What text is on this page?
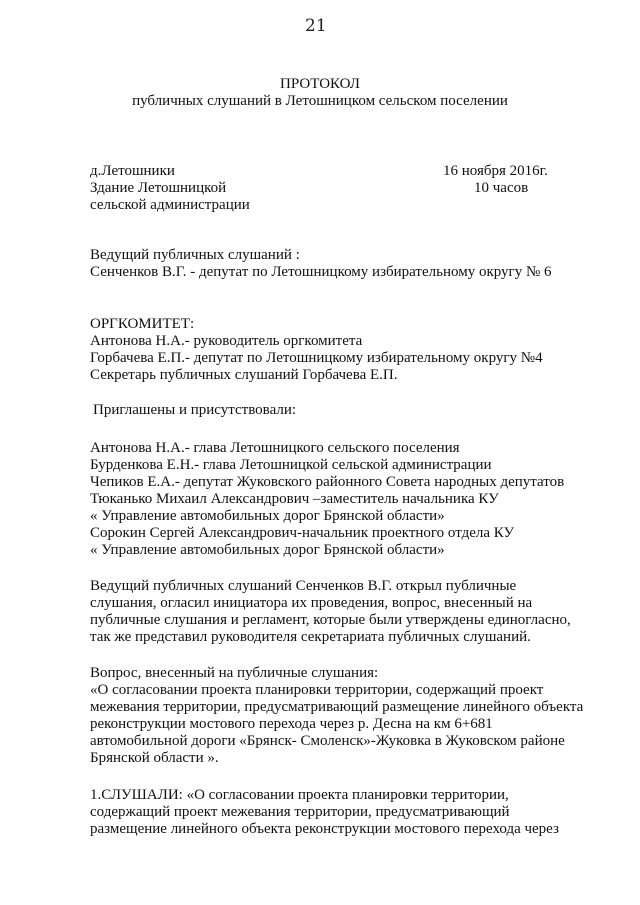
21
ПРОТОКОЛ
публичных слушаний в Летошницком сельском поселении
д.Летошники
Здание Летошницкой
сельской администрации
16 ноября 2016г.
10 часов
Ведущий публичных слушаний :
Сенченков В.Г. - депутат по Летошницкому избирательному округу № 6
ОРГКОМИТЕТ:
Антонова Н.А.- руководитель оргкомитета
Горбачева Е.П.- депутат по Летошницкому избирательному округу №4
Секретарь публичных слушаний Горбачева Е.П.
Приглашены и присутствовали:
Антонова Н.А.- глава Летошницкого сельского поселения
Бурденкова Е.Н.- глава Летошницкой сельской администрации
Чепиков Е.А.- депутат Жуковского районного Совета народных депутатов
Тюканько Михаил Александрович –заместитель начальника КУ
« Управление автомобильных дорог Брянской области»
Сорокин Сергей Александрович-начальник проектного отдела КУ
« Управление автомобильных дорог Брянской области»
Ведущий публичных слушаний Сенченков В.Г. открыл публичные
слушания, огласил инициатора их проведения, вопрос, внесенный на
публичные слушания и регламент, которые были утверждены единогласно,
так же представил руководителя секретариата публичных слушаний.
Вопрос, внесенный на публичные слушания:
«О согласовании проекта планировки территории, содержащий проект
межевания территории, предусматривающий размещение линейного объекта
реконструкции мостового перехода через р. Десна на км 6+681
автомобильной дороги «Брянск- Смоленск»-Жуковка в Жуковском районе
Брянской области ».
1.СЛУШАЛИ: «О согласовании проекта планировки территории,
содержащий проект межевания территории, предусматривающий
размещение линейного объекта реконструкции мостового перехода через
